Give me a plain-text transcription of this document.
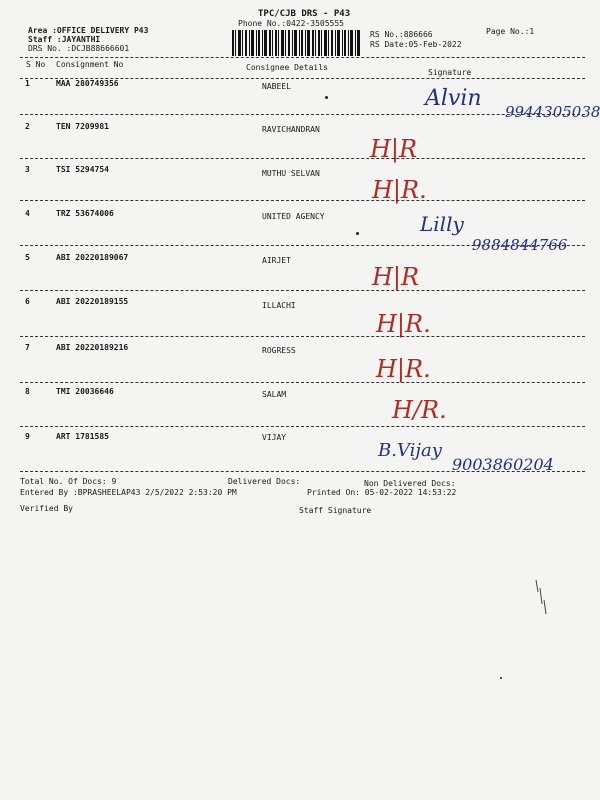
TPC/CJB DRS - P43
Phone No.:0422-3505555
Area :OFFICE DELIVERY P43
Staff :JAYANTHI
DRS No. :DCJB88666601
RS No.:886666
RS Date:05-Feb-2022
Page No.:1
S No Consignment No	Consignee Details
Signature
1	MAA 280749356	NABEEL	Alvin
9944305038
2	TEN 7209981	RAVICHANDRAN
H|R
3	TSI 5294754	MUTHU SELVAN
H|R.
4	TRZ 53674006	UNITED AGENCY	Lilly
9884844766
5	ABI 20220189067	AIRJET
H|R
6	ABI 20220189155	ILLACHI
H|R.
7	ABI 20220189216	ROGRESS
H|R.
8	TMI 20036646	SALAM
H/R.
9	ART 1781585	VIJAY
B.Vijay
9003860204
Total No. Of Docs: 9	Delivered Docs:	Non Delivered Docs:
Entered By :BPRASHEELAP43 2/5/2022 2:53:20 PM	Printed On: 05-02-2022 14:53:22
Verified By	Staff Signature
